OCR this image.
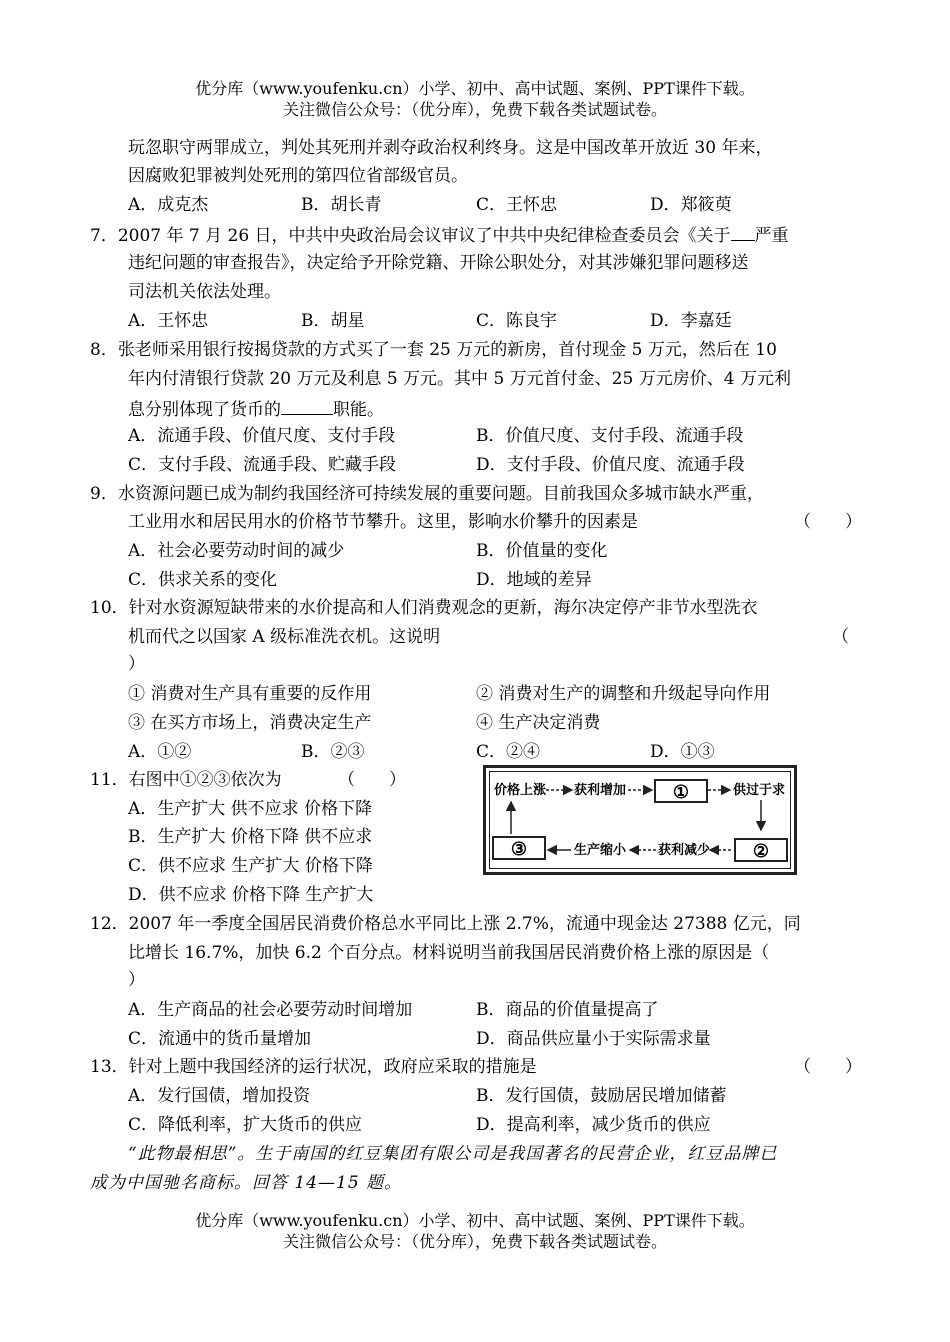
优分库（www.youfenku.cn）小学、初中、高中试题、案例、PPT课件下载。
关注微信公众号：（优分库），免费下载各类试题试卷。
玩忽职守两罪成立，判处其死刑并剥夺政治权利终身。这是中国改革开放近 30 年来，
因腐败犯罪被判处死刑的第四位省部级官员。
A．成克杰	B．胡长青	C．王怀忠	D．郑筱萸
7．2007 年 7 月 26 日，中共中央政治局会议审议了中共中央纪律检查委员会《关于 严重
违纪问题的审查报告》，决定给予开除党籍、开除公职处分，对其涉嫌犯罪问题移送
司法机关依法处理。
A．王怀忠	B．胡星	C．陈良宇	D．李嘉廷
8．张老师采用银行按揭贷款的方式买了一套 25 万元的新房，首付现金 5 万元，然后在 10
年内付清银行贷款 20 万元及利息 5 万元。其中 5 万元首付金、25 万元房价、4 万元利
息分别体现了货币的	职能。
A．流通手段、价值尺度、支付手段	B．价值尺度、支付手段、流通手段
C．支付手段、流通手段、贮藏手段	D．支付手段、价值尺度、流通手段
9．水资源问题已成为制约我国经济可持续发展的重要问题。目前我国众多城市缺水严重，
工业用水和居民用水的价格节节攀升。这里，影响水价攀升的因素是	（　　）
A．社会必要劳动时间的减少	B．价值量的变化
C．供求关系的变化	D．地域的差异
10．针对水资源短缺带来的水价提高和人们消费观念的更新，海尔决定停产非节水型洗衣
机而代之以国家 A 级标准洗衣机。这说明	（
）
① 消费对生产具有重要的反作用	② 消费对生产的调整和升级起导向作用
③ 在买方市场上，消费决定生产	④ 生产决定消费
A．①②	B．②③	C．②④	D．①③
11．右图中①②③依次为	（　　）
A．生产扩大 供不应求 价格下降
B．生产扩大 价格下降 供不应求
C．供不应求 生产扩大 价格下降
D．供不应求 价格下降 生产扩大
价格上涨 获利增加	①	供过于求
②
获利减少
生产缩小
③
12．2007 年一季度全国居民消费价格总水平同比上涨 2.7%，流通中现金达 27388 亿元，同
比增长 16.7%，加快 6.2 个百分点。材料说明当前我国居民消费价格上涨的原因是（
）
A．生产商品的社会必要劳动时间增加	B．商品的价值量提高了
C．流通中的货币量增加	D．商品供应量小于实际需求量
13．针对上题中我国经济的运行状况，政府应采取的措施是	（　　）
A．发行国债，增加投资	B．发行国债，鼓励居民增加储蓄
C．降低利率，扩大货币的供应	D．提高利率，减少货币的供应
“此物最相思”。生于南国的红豆集团有限公司是我国著名的民营企业，红豆品牌已
成为中国驰名商标。回答 14—15 题。
优分库（www.youfenku.cn）小学、初中、高中试题、案例、PPT课件下载。
关注微信公众号：（优分库），免费下载各类试题试卷。
